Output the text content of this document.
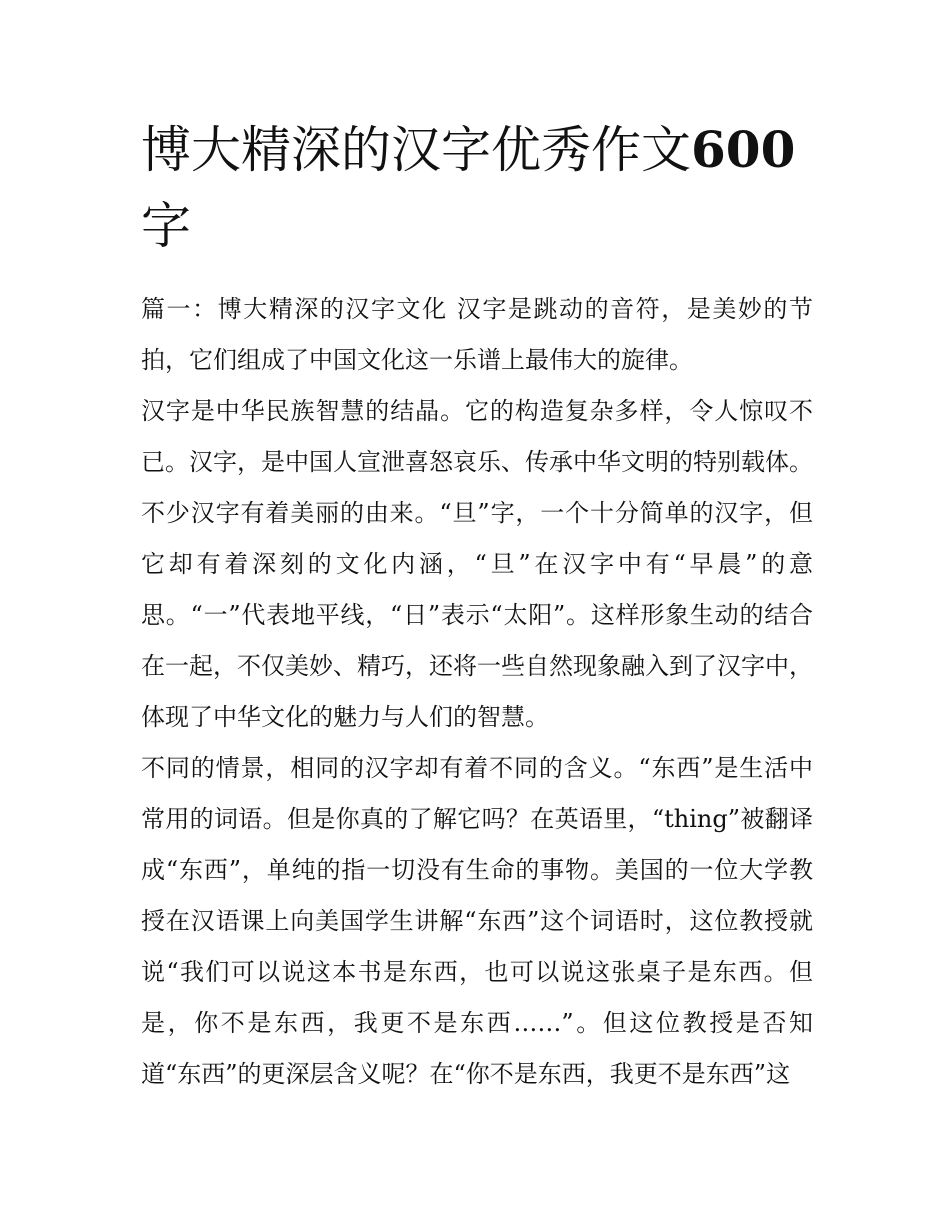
博大精深的汉字优秀作文600字

篇一：博大精深的汉字文化 汉字是跳动的音符，是美妙的节拍，它们组成了中国文化这一乐谱上最伟大的旋律。

汉字是中华民族智慧的结晶。它的构造复杂多样，令人惊叹不已。汉字，是中国人宣泄喜怒哀乐、传承中华文明的特别载体。不少汉字有着美丽的由来。“旦”字，一个十分简单的汉字，但它却有着深刻的文化内涵，“旦”在汉字中有“早晨”的意思。“一”代表地平线，“日”表示“太阳”。这样形象生动的结合在一起，不仅美妙、精巧，还将一些自然现象融入到了汉字中，体现了中华文化的魅力与人们的智慧。

不同的情景，相同的汉字却有着不同的含义。“东西”是生活中常用的词语。但是你真的了解它吗？在英语里，“thing”被翻译成“东西”，单纯的指一切没有生命的事物。美国的一位大学教授在汉语课上向美国学生讲解“东西”这个词语时，这位教授就说“我们可以说这本书是东西，也可以说这张桌子是东西。但是，你不是东西，我更不是东西……”。但这位教授是否知道“东西”的更深层含义呢？在“你不是东西，我更不是东西”这
